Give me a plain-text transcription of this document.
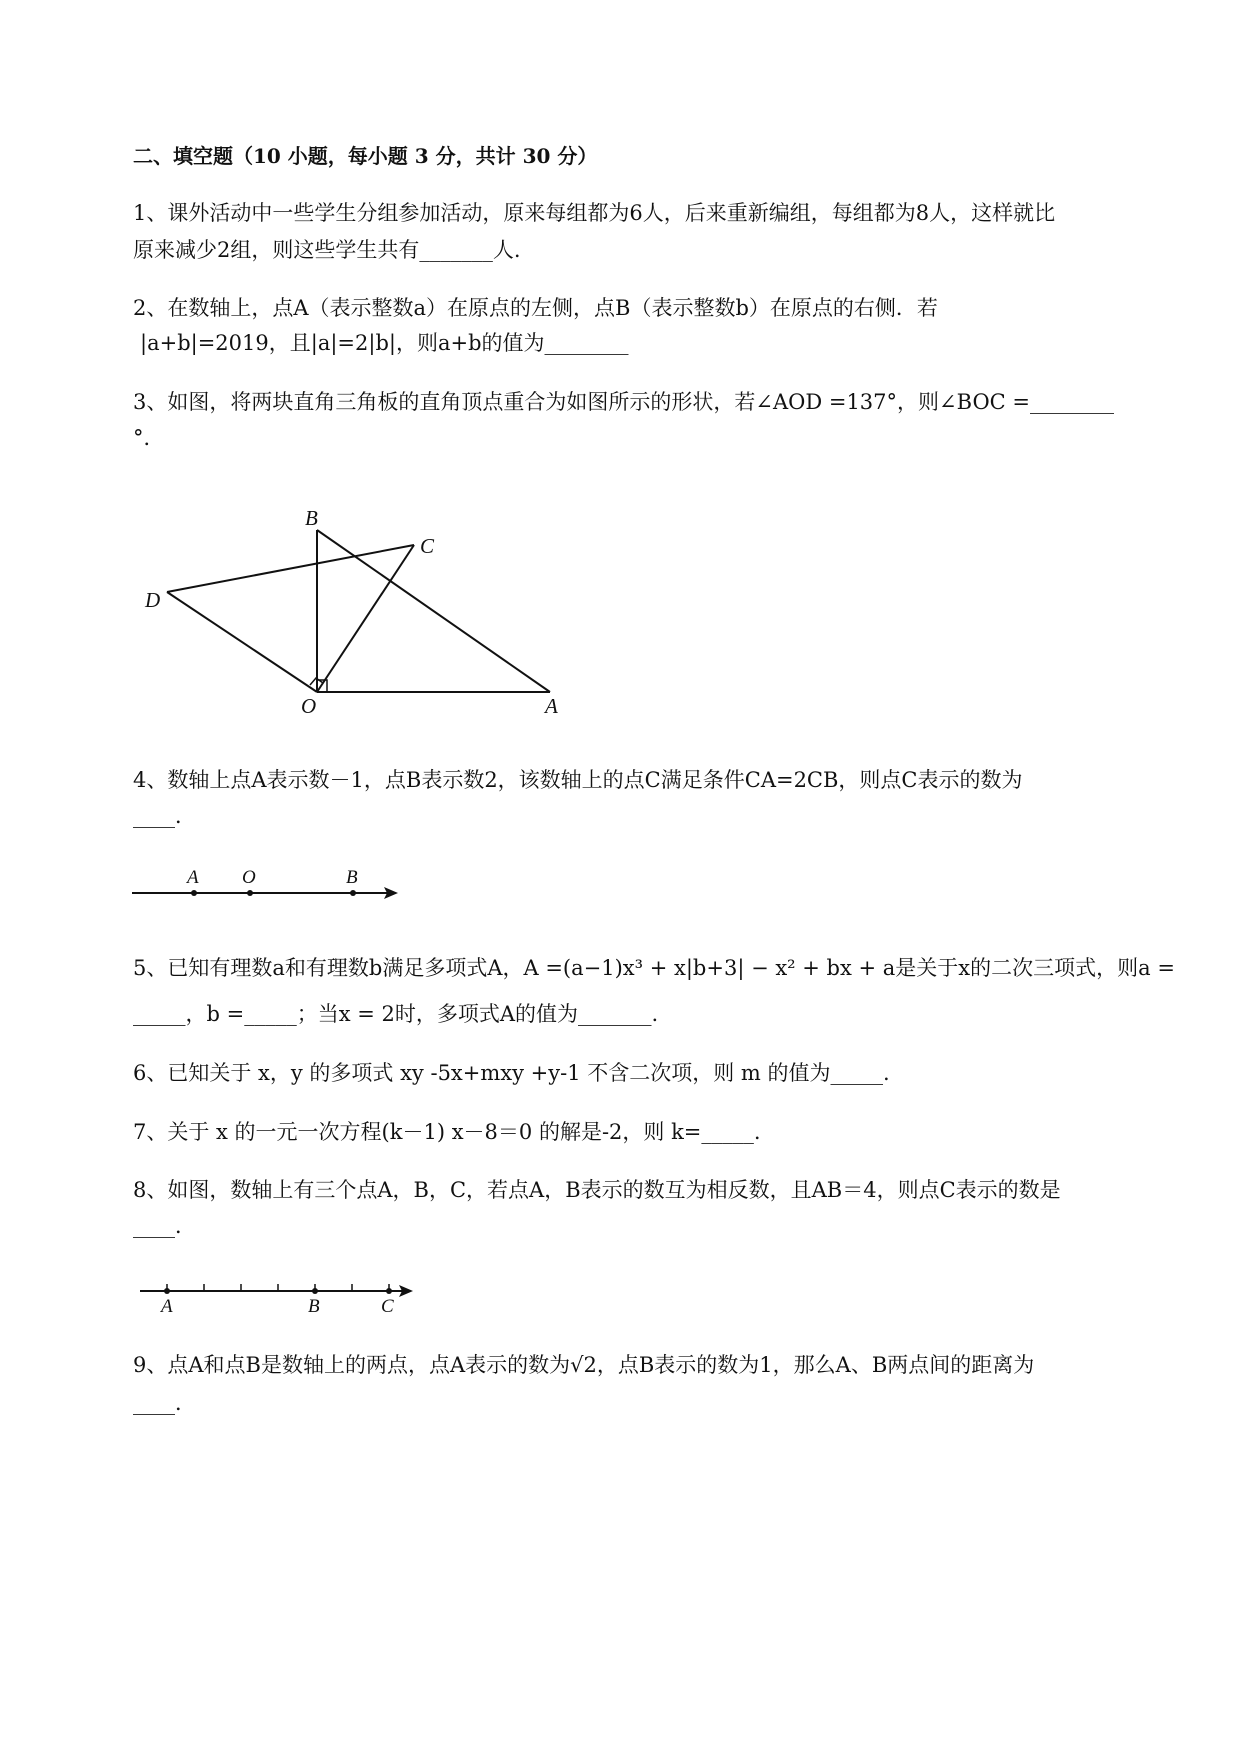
二、填空题（10 小题，每小题 3 分，共计 30 分）
1、课外活动中一些学生分组参加活动，原来每组都为6人，后来重新编组，每组都为8人，这样就比
原来减少2组，则这些学生共有_______人.
2、在数轴上，点A（表示整数a）在原点的左侧，点B（表示整数b）在原点的右侧．若
|a+b|=2019，且|a|=2|b|，则a+b的值为________
3、如图，将两块直角三角板的直角顶点重合为如图所示的形状，若∠AOD =137°，则∠BOC =________
°．
B
C
D
O	A
4、数轴上点A表示数－1，点B表示数2，该数轴上的点C满足条件CA=2CB，则点C表示的数为
____．
A O	B
5、已知有理数a和有理数b满足多项式A，A =(a−1)x³ + x|b+3| − x² + bx + a是关于x的二次三项式，则a =
_____，b =_____；当x = 2时，多项式A的值为_______.
6、已知关于 x，y 的多项式 xy -5x+mxy +y-1 不含二次项，则 m 的值为_____.
7、关于 x 的一元一次方程(k－1) x－8＝0 的解是-2，则 k=_____.
8、如图，数轴上有三个点A，B，C，若点A，B表示的数互为相反数，且AB＝4，则点C表示的数是
____．
A	B	C
9、点A和点B是数轴上的两点，点A表示的数为√2，点B表示的数为1，那么A、B两点间的距离为
____．
